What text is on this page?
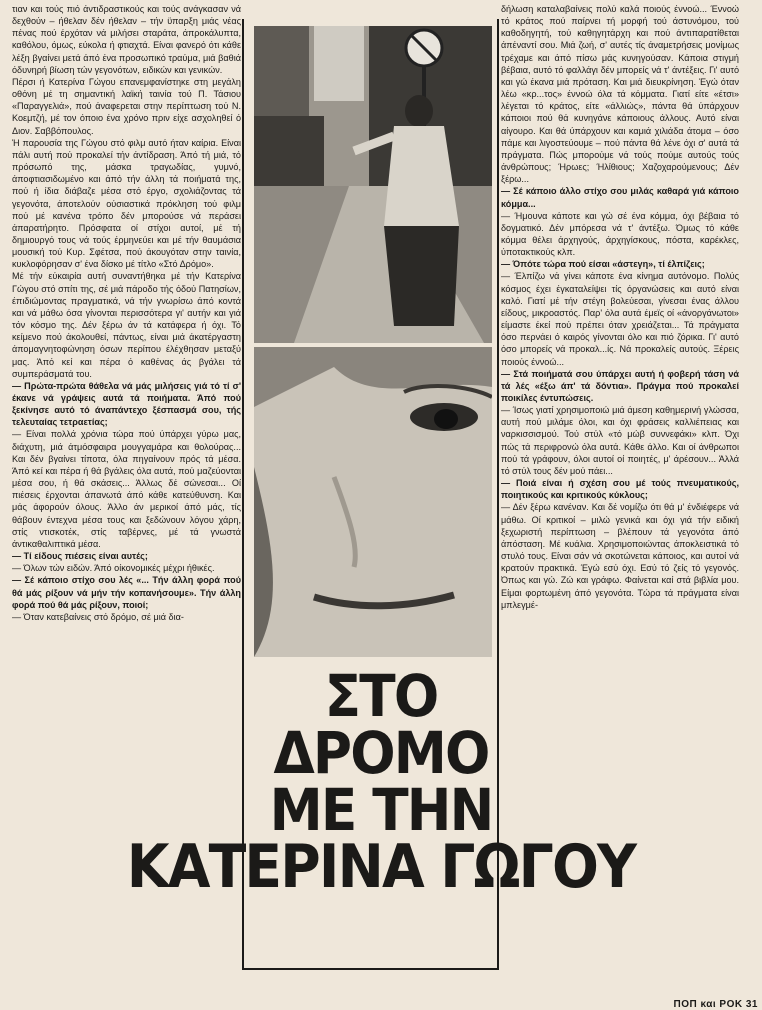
τιαν και τούς πιό άντιδραστικούς και τούς ανάγκασαν νά δεχθούν – ήθελαν δέν ήθελαν – τήν ϋπαρξη μιάς νέας πένας πού έρχόταν νά μιλήσει σταράτα, άπροκάλυπτα, καθόλου, όμως, εύκολα ή φτιαχτά. Είναι φανερό ότι κάθε λέξη βγαίνει μετά άπό ένα προσωπικό τραύμα, μιά βαθιά όδυνηρή βίωση τών γεγονότων, ειδικών και γενικών.

Πέρσι ή Κατερίνα Γώγου επανεμφανίστηκε στη μεγάλη οθόνη μέ τη σημαντική λαϊκή ταινία τού Π. Τάσιου «Παραγγελιά», πού άναφερεται στην περίπτωση τού Ν. Κοεμτζή, μέ τον όποιο ένα χρόνο πριν είχε ασχοληθεί ό Διον. Σαββόπουλος.

Ή παρουσία της Γώγου στό φιλμ αυτό ήταν καίρια. Είναι πάλι αυτή πού προκαλεί τήν άντίδραση. Άπό τή μιά, τό πρόσωπό της, μάσκα τραγωδίας, γυμνό, άποφτιασιδωμένο και άπό τήν άλλη τά ποιήματά της, πού ή ίδια διάβαζε μέσα στό έργο, σχολιάζοντας τά γεγονότα, άποτελούν ούσιαστικά πρόκληση τού φιλμ πού μέ κανένα τρόπο δέν μπορούσε νά περάσει άπαρατήρητο. Πρόσφατα οί στίχοι αυτοί, μέ τή δημιουργό τους νά τούς έρμηνεύει και μέ τήν θαυμάσια μουσική τού Κυρ. Σφέτσα, πού άκουγόταν στην ταινία, κυκλοφόρησαν σ' ένα δίσκο μέ τίτλο «Στό Δρόμο».

Μέ τήν εύκαιρία αυτή συναντήθηκα μέ τήν Κατερίνα Γώγου στό σπίτι της, σέ μιά πάροδο τής όδού Πατησίων, έπιδιώμοντας πραγματικά, νά τήν γνωρίσω άπό κοντά και νά μάθω όσα γίνονται περισσότερα γι' αυτήν και γιά τόν κόσμο της. Δέν ξέρω άν τά κατάφερα ή όχι. Τό κείμενο πού άκολουθεί, πάντως, είναι μιά άκατέργαστη άπομαγνητοφώνηση όσων περίπου έλέχθησαν μεταξύ μας. Άπό κεί και πέρα ό καθένας άς βγάλει τά συμπεράσματά του.

— Πρώτα-πρώτα θάθελα νά μάς μιλήσεις γιά τό τί σ' έκανε νά γράψεις αυτά τά ποιήματα. Άπό πού ξεκίνησε αυτό τό άναπάντεχο ξέσπασμά σου, τής τελευταίας τετραετίας;

— Είναι πολλά χρόνια τώρα πού ύπάρχει γύρω μας, διάχυτη, μιά άτμόσφαιρα μουγγαμάρα και θολούρας... Και δέν βγαίνει τίποτα, όλα πηγαίνουν πρός τά μέσα. Άπό κεί και πέρα ή θά βγάλεις όλα αυτά, πού μαζεύονται μέσα σου, ή θά σκάσεις... Άλλως δέ σώνεσαι... Οί πιέσεις έρχονται άπανωτά άπό κάθε κατεύθυνση. Και μάς άφορούν όλους. Άλλο άν μερικοί άπό μάς, τίς θάβουν έντεχνα μέσα τους και ξεδώνουν λόγου χάρη, στίς ντισκοτέκ, στίς ταβέρνες, μέ τά γνωστά άντικαθαλιπτικά μέσα.

— Τί είδους πιέσεις είναι αυτές;

— Όλων τών ειδών. Άπό οίκονομικές μέχρι ήθικές.

— Σέ κάποιο στίχο σου λές «... Τήν άλλη φορά πού θά μάς ρίξουν νά μήν τήν κοπανήσουμε». Τήν άλλη φορά πού θά μάς ρίξουν, ποιοί;

— Όταν κατεβαίνεις στό δρόμο, σέ μιά δια-

δήλωση καταλαβαίνεις πολύ καλά ποιούς έννοώ... Έννοώ τό κράτος πού παίρνει τή μορφή τού άστυνόμου, τού καθοδηγητή, τού καθηγητάρχη και πού άντιπαρατίθεται άπέναντί σου. Μιά ζωή, σ' αυτές τίς άναμετρήσεις μονίμως τρέχαμε και άπό πίσω μάς κυνηγούσαν. Κάποια στιγμή βέβαια, αυτό τό φαλλάγι δέν μπορείς νά τ' άντέξεις. Γι' αυτό και γώ έκανα μιά πρόταση. Και μιά διευκρίνηση. Έγώ όταν λέω «κρ...τος» έννοώ όλα τά κόμματα. Γιατί είτε «έτσι» λέγεται τό κράτος, είτε «άλλιώς», πάντα θά ύπάρχουν κάποιοι πού θά κυνηγάνε κάποιους άλλους. Αυτό είναι αίγουρο. Και θά ύπάρχουν και καμιά χιλιάδα άτομα – όσο πάμε και λιγοστεύουμε – πού πάντα θά λένε όχι σ' αυτά τά πράγματα. Πώς μπορούμε νά τούς πούμε αυτούς τούς άνθρώπους; Ήρωες; Ήλίθιους; Χαζοχαρούμενους; Δέν ξέρω...

— Σέ κάποιο άλλο στίχο σου μιλάς καθαρά γιά κάποιο κόμμα...

— Ήμουνα κάποτε και γώ σέ ένα κόμμα, όχι βέβαια τό δογματικό. Δέν μπόρεσα νά τ' άντέξω. Όμως τό κάθε κόμμα θέλει άρχηγούς, άρχηγίσκους, πόστα, καρέκλες, ύποτακτικούς κλπ.

— Όπότε τώρα πού είσαι «άστεγη», τί έλπίζεις;

— Έλπίζω νά γίνει κάποτε ένα κίνημα αυτόνομο. Πολύς κόσμος έχει έγκαταλείψει τίς όργανώσεις και αυτό είναι καλό. Γιατί μέ τήν στέγη βολεύεσαι, γίνεσαι ένας άλλου είδους, μικροαστός. Παρ' όλα αυτά έμεϊς οί «άνοργάνωτοι» είμαστε έκεί πού πρέπει όταν χρειάζεται... Τά πράγματα όσο περνάει ό καιρός γίνονται όλο και πιό ζόρικα. Γι' αυτό όσο μπορείς νά προκαλ...ίς. Νά προκαλείς αυτούς. Ξέρεις ποιούς έννοώ...

— Στά ποιήματά σου ύπάρχει αυτή ή φοβερή τάση νά τά λές «έξω άπ' τά δόντια». Πράγμα πού προκαλεί ποικίλες έντυπώσεις.

— Ίσως γιατί χρησιμοποιώ μιά άμεση καθημερινή γλώσσα, αυτή πού μιλάμε όλοι, και όχι φράσεις καλλιέπειας και ναρκισσισμού. Τού στύλ «τό μώβ συννεφάκι» κλπ. Όχι πώς τά περιφρονώ όλα αυτά. Κάθε άλλο. Και οί άνθρωποι πού τά γράφουν, όλοι αυτοί οί ποιητές, μ' άρέσουν... Άλλά τό στύλ τους δέν μού πάει...

— Ποιά είναι ή σχέση σου μέ τούς πνευματικούς, ποιητικούς και κριτικούς κύκλους;

— Δέν ξέρω κανέναν. Και δέ νομίζω ότι θά μ' ένδιέφερε νά μάθω. Οί κριτικοί – μιλώ γενικά και όχι γιά τήν ειδική ξεχωριστή περίπτωση – βλέπουν τά γεγονότα άπό άπόσταση. Μέ κυάλια. Χρησιμοποιώντας άποκλειστικά τό στυλό τους. Είναι σάν νά σκοτώνεται κάποιος, και αυτοί νά κρατούν πρακτικά. Έγώ εσύ όχι. Εσύ τό ζείς τό γεγονός. Όπως και γώ. Ζώ και γράφω. Φαίνεται καί στά βιβλία μου. Είμαι φορτωμένη άπό γεγονότα. Τώρα τά πράγματα είναι μπλεγμέ-

ΣΤΟ
ΔΡΟΜΟ
ΜΕ ΤΗΝ
ΚΑΤΕΡΙΝΑ ΓΩΓΟΥ
ΠΟΠ και ΡΟΚ 31
